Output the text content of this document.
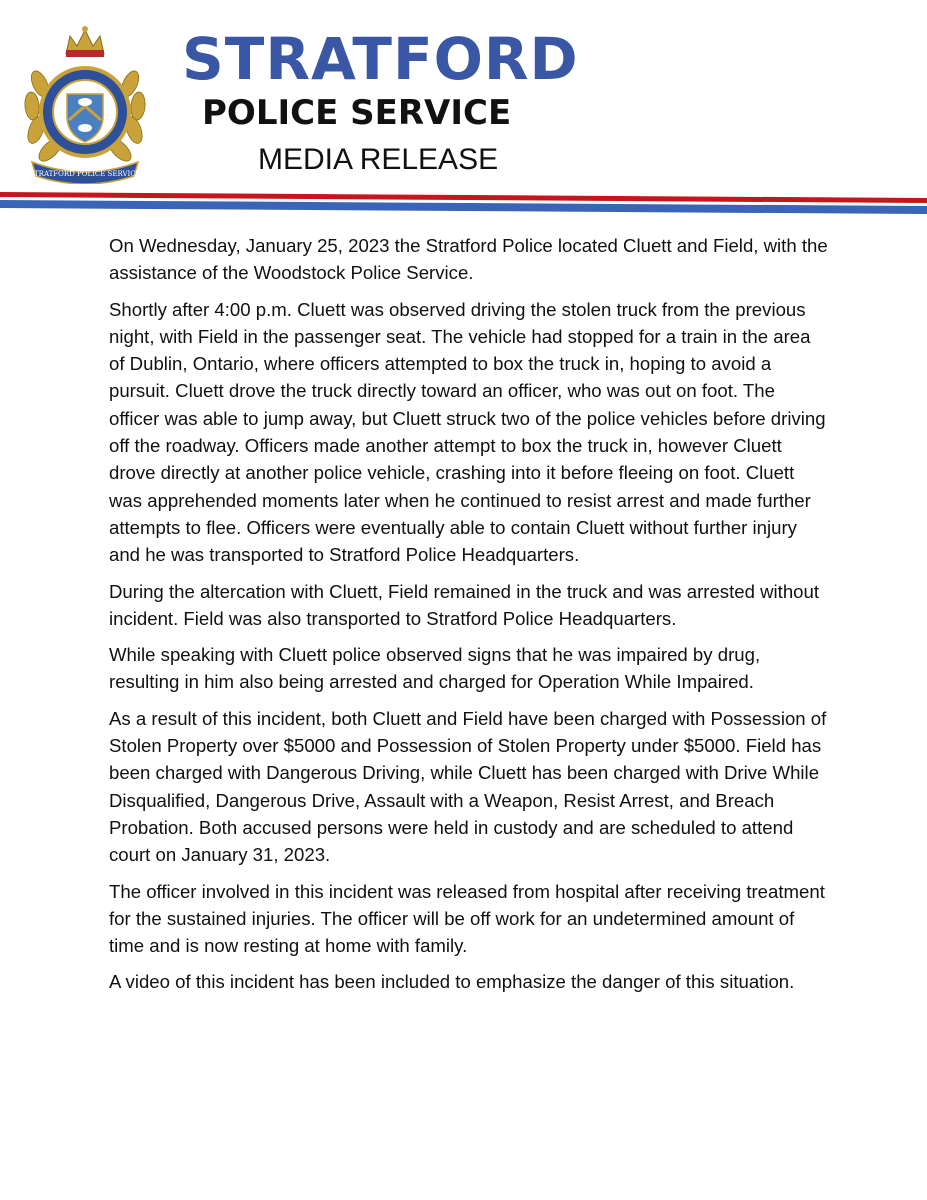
STRATFORD POLICE SERVICE
STRATFORD
POLICE SERVICE
MEDIA RELEASE

On Wednesday, January 25, 2023 the Stratford Police located Cluett and Field, with the assistance of the Woodstock Police Service.

Shortly after 4:00 p.m. Cluett was observed driving the stolen truck from the previous night, with Field in the passenger seat. The vehicle had stopped for a train in the area of Dublin, Ontario, where officers attempted to box the truck in, hoping to avoid a pursuit. Cluett drove the truck directly toward an officer, who was out on foot. The officer was able to jump away, but Cluett struck two of the police vehicles before driving off the roadway. Officers made another attempt to box the truck in, however Cluett drove directly at another police vehicle, crashing into it before fleeing on foot. Cluett was apprehended moments later when he continued to resist arrest and made further attempts to flee. Officers were eventually able to contain Cluett without further injury and he was transported to Stratford Police Headquarters.

During the altercation with Cluett, Field remained in the truck and was arrested without incident. Field was also transported to Stratford Police Headquarters.

While speaking with Cluett police observed signs that he was impaired by drug, resulting in him also being arrested and charged for Operation While Impaired.

As a result of this incident, both Cluett and Field have been charged with Possession of Stolen Property over $5000 and Possession of Stolen Property under $5000. Field has been charged with Dangerous Driving, while Cluett has been charged with Drive While Disqualified, Dangerous Drive, Assault with a Weapon, Resist Arrest, and Breach Probation. Both accused persons were held in custody and are scheduled to attend court on January 31, 2023.

The officer involved in this incident was released from hospital after receiving treatment for the sustained injuries. The officer will be off work for an undetermined amount of time and is now resting at home with family.

A video of this incident has been included to emphasize the danger of this situation.
